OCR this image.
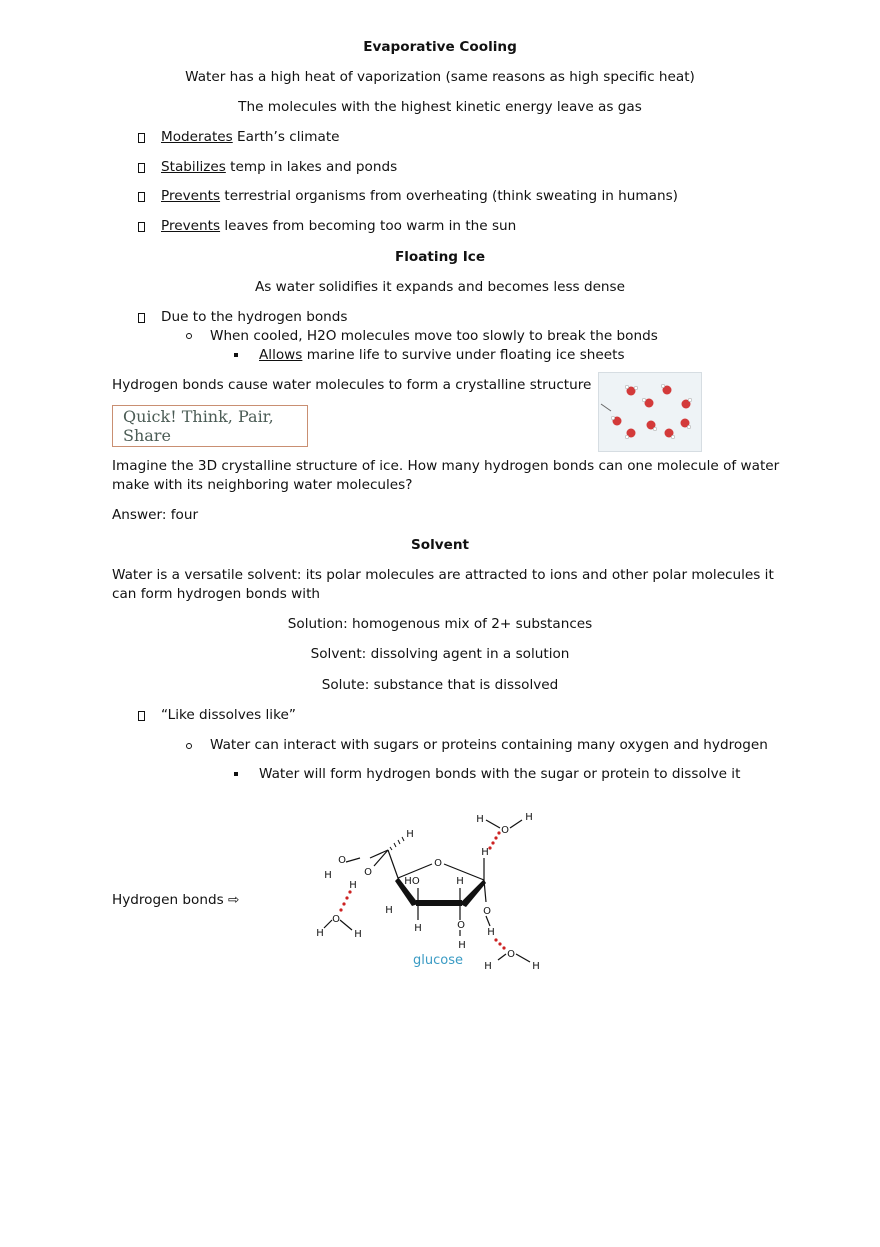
Evaporative Cooling
Water has a high heat of vaporization (same reasons as high specific heat)
The molecules with the highest kinetic energy leave as gas
Moderates Earth’s climate
Stabilizes temp in lakes and ponds
Prevents terrestrial organisms from overheating (think sweating in humans)
Prevents leaves from becoming too warm in the sun
Floating Ice
As water solidifies it expands and becomes less dense
Due to the hydrogen bonds
When cooled, H2O molecules move too slowly to break the bonds
Allows marine life to survive under floating ice sheets
Hydrogen bonds cause water molecules to form a crystalline structure
Quick! Think, Pair, Share
Imagine the 3D crystalline structure of ice. How many hydrogen bonds can one molecule of water
make with its neighboring water molecules?
Answer: four
Solvent
Water is a versatile solvent: its polar molecules are attracted to ions and other polar molecules it
can form hydrogen bonds with
Solution: homogenous mix of 2+ substances
Solvent: dissolving agent in a solution
Solute: substance that is dissolved
“Like dissolves like”
Water can interact with sugars or proteins containing many oxygen and hydrogen
Water will form hydrogen bonds with the sugar or protein to dissolve it
Hydrogen bonds ⇨
O
H
O
H
H
H
O
H	O
H	HO	H
H
H	O
H
O
H
O
H	H
O
H	H
glucose
